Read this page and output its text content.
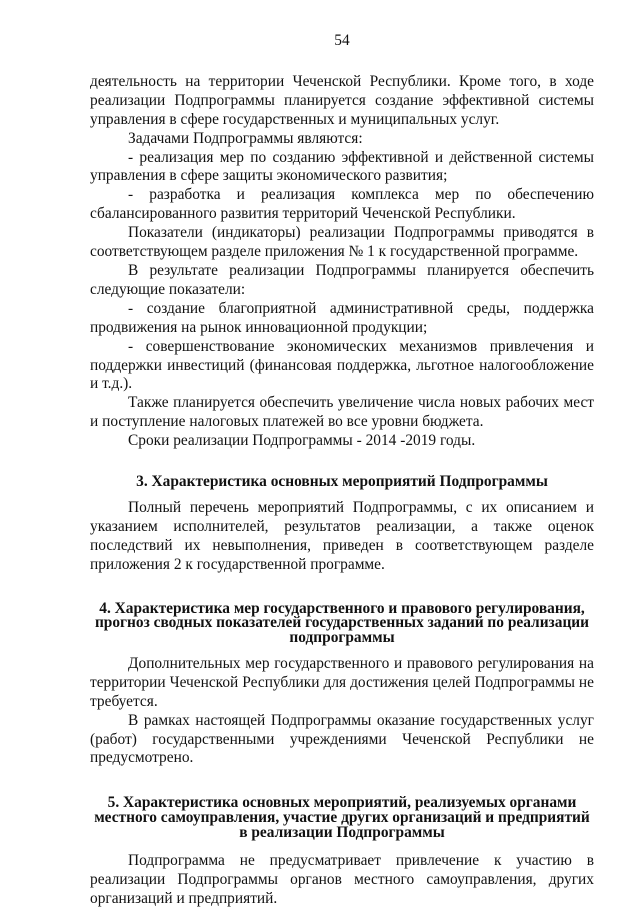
54

деятельность на территории Чеченской Республики. Кроме того, в ходе реализации Подпрограммы планируется создание эффективной системы управления в сфере государственных и муниципальных услуг.

Задачами Подпрограммы являются:

- реализация мер по созданию эффективной и действенной системы управления в сфере защиты экономического развития;

- разработка и реализация комплекса мер по обеспечению сбалансированного развития территорий Чеченской Республики.

Показатели (индикаторы) реализации Подпрограммы приводятся в соответствующем разделе приложения № 1 к государственной программе.

В результате реализации Подпрограммы планируется обеспечить следующие показатели:

- создание благоприятной административной среды, поддержка продвижения на рынок инновационной продукции;

- совершенствование экономических механизмов привлечения и поддержки инвестиций (финансовая поддержка, льготное налогообложение и т.д.).

Также планируется обеспечить увеличение числа новых рабочих мест и поступление налоговых платежей во все уровни бюджета.

Сроки реализации Подпрограммы - 2014 -2019 годы.

3. Характеристика основных мероприятий Подпрограммы

Полный перечень мероприятий Подпрограммы, с их описанием и указанием исполнителей, результатов реализации, а также оценок последствий их невыполнения, приведен в соответствующем разделе приложения 2 к государственной программе.

4. Характеристика мер государственного и правового регулирования, прогноз сводных показателей государственных заданий по реализации подпрограммы

Дополнительных мер государственного и правового регулирования на территории Чеченской Республики для достижения целей Подпрограммы не требуется.

В рамках настоящей Подпрограммы оказание государственных услуг (работ) государственными учреждениями Чеченской Республики не предусмотрено.

5. Характеристика основных мероприятий, реализуемых органами местного самоуправления, участие других организаций и предприятий в реализации Подпрограммы

Подпрограмма не предусматривает привлечение к участию в реализации Подпрограммы органов местного самоуправления, других организаций и предприятий.
